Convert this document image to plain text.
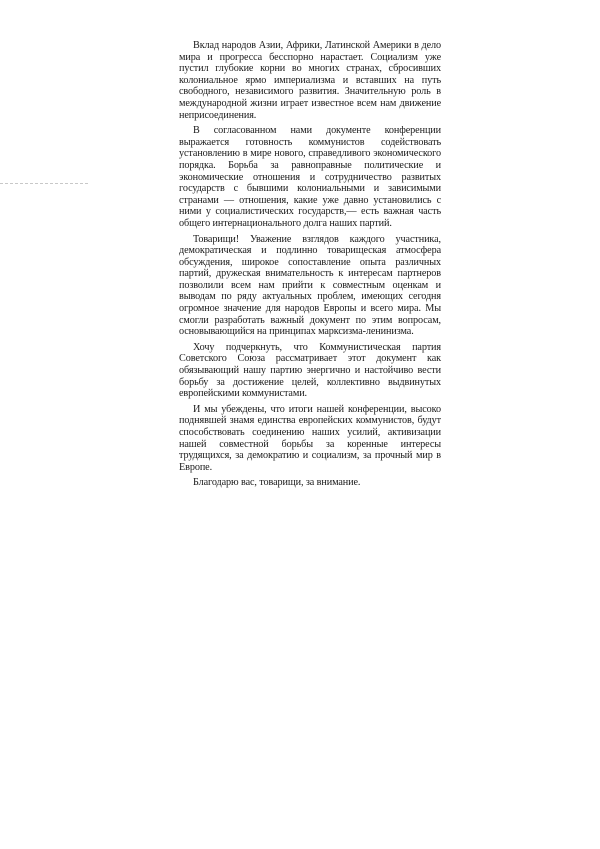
Вклад народов Азии, Африки, Латинской Америки в дело мира и прогресса бесспорно нарастает. Социализм уже пустил глубокие корни во многих странах, сбросивших колониальное ярмо империализма и вставших на путь свободного, независимого развития. Значительную роль в международной жизни играет известное всем нам движение неприсоединения.

В согласованном нами документе конференции выражается готовность коммунистов содействовать установлению в мире нового, справедливого экономического порядка. Борьба за равноправные политические и экономические отношения и сотрудничество развитых государств с бывшими колониальными и зависимыми странами — отношения, какие уже давно установились с ними у социалистических государств,— есть важная часть общего интернационального долга наших партий.

Товарищи! Уважение взглядов каждого участника, демократическая и подлинно товарищеская атмосфера обсуждения, широкое сопоставление опыта различных партий, дружеская внимательность к интересам партнеров позволили всем нам прийти к совместным оценкам и выводам по ряду актуальных проблем, имеющих сегодня огромное значение для народов Европы и всего мира. Мы смогли разработать важный документ по этим вопросам, основывающийся на принципах марксизма-ленинизма.

Хочу подчеркнуть, что Коммунистическая партия Советского Союза рассматривает этот документ как обязывающий нашу партию энергично и настойчиво вести борьбу за достижение целей, коллективно выдвинутых европейскими коммунистами.

И мы убеждены, что итоги нашей конференции, высоко поднявшей знамя единства европейских коммунистов, будут способствовать соединению наших усилий, активизации нашей совместной борьбы за коренные интересы трудящихся, за демократию и социализм, за прочный мир в Европе.

Благодарю вас, товарищи, за внимание.
